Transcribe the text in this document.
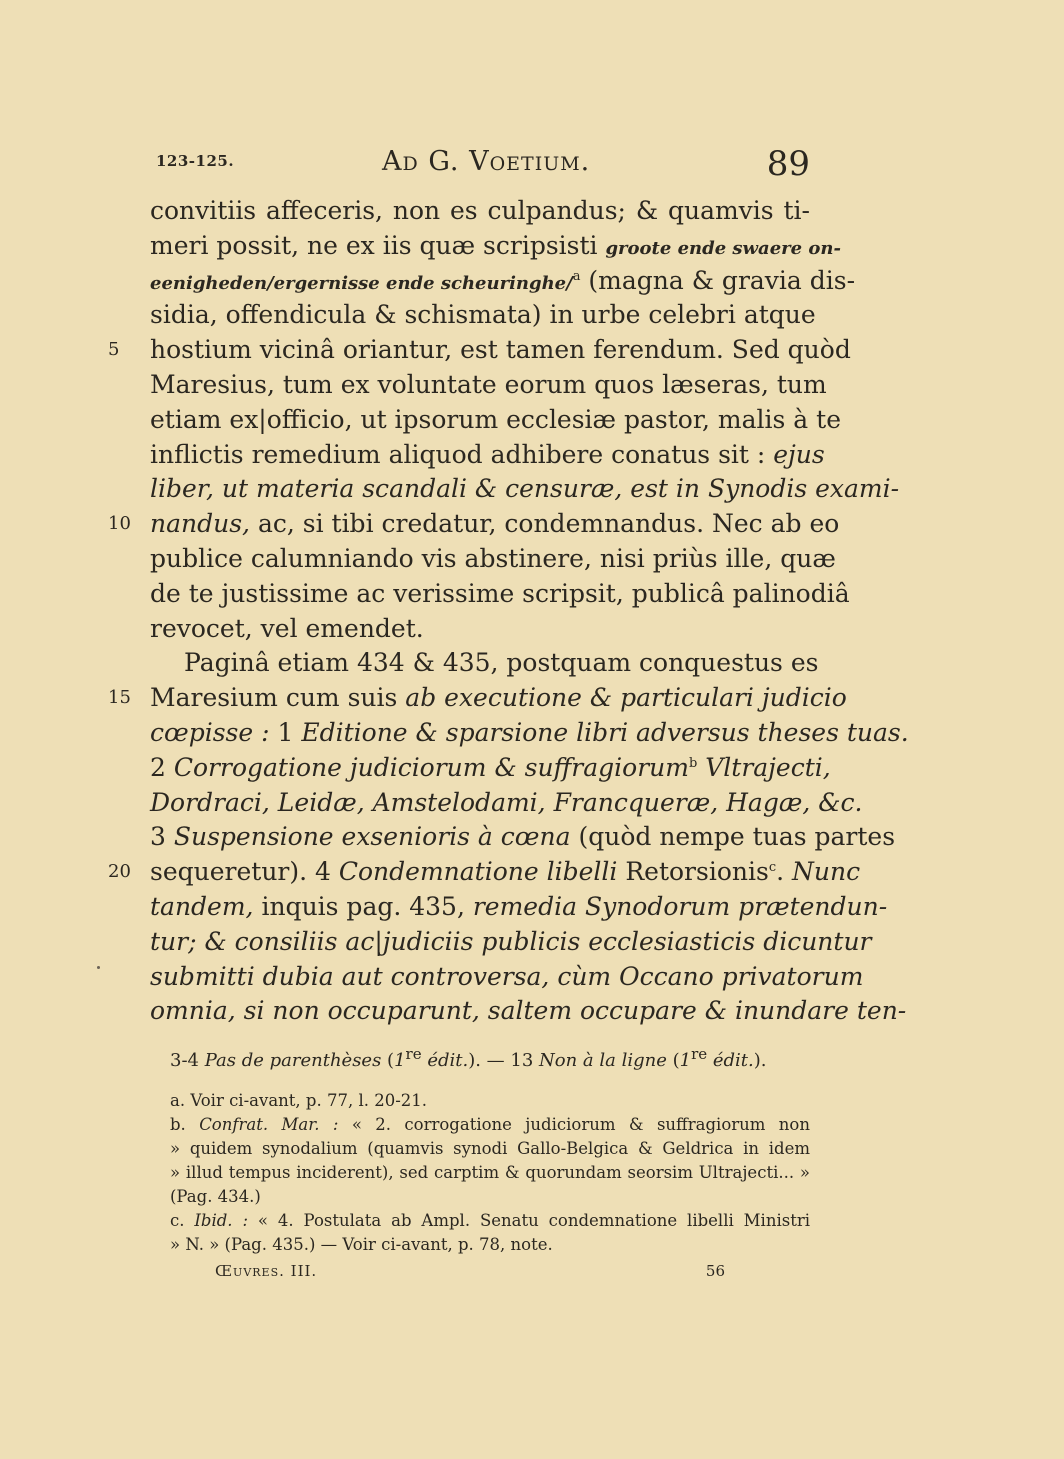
123-125.	Ad G. Voetium.	89
convitiis affeceris, non es culpandus; & quamvis ti-
meri possit, ne ex iis quæ scripsisti groote ende swaere on-
eenigheden/ergernisse ende scheuringhe/$^a$ (magna & gravia dis-
sidia, offendicula & schismata) in urbe celebri atque
5	hostium vicinâ oriantur, est tamen ferendum. Sed quòd
Maresius, tum ex voluntate eorum quos læseras, tum
etiam ex|officio, ut ipsorum ecclesiæ pastor, malis à te
inflictis remedium aliquod adhibere conatus sit : ejus
liber, ut materia scandali & censuræ, est in Synodis exami-
10 nandus, ac, si tibi credatur, condemnandus. Nec ab eo
publice calumniando vis abstinere, nisi priùs ille, quæ
de te justissime ac verissime scripsit, publicâ palinodiâ
revocet, vel emendet.
Paginâ etiam 434 & 435, postquam conquestus es
15 Maresium cum suis ab executione & particulari judicio
cœpisse : 1 Editione & sparsione libri adversus theses tuas.
2 Corrogatione judiciorum & suffragiorum$^b$ Vltrajecti,
Dordraci, Leidæ, Amstelodami, Francqueræ, Hagæ, &c.
3 Suspensione exsenioris à cœna (quòd nempe tuas partes
20 sequeretur). 4 Condemnatione libelli Retorsionis$^c$. Nunc
tandem, inquis pag. 435, remedia Synodorum prætendun-
tur; & consiliis ac|judiciis publicis ecclesiasticis dicuntur
submitti dubia aut controversa, cùm Occano privatorum
omnia, si non occuparunt, saltem occupare & inundare ten-
3-4 Pas de parenthèses (1re édit.). — 13 Non à la ligne (1re édit.).
a. Voir ci-avant, p. 77, l. 20-21.
b. Confrat. Mar. : « 2. corrogatione judiciorum & suffragiorum non
» quidem synodalium (quamvis synodi Gallo-Belgica & Geldrica in idem
» illud tempus inciderent), sed carptim & quorundam seorsim Ultrajecti... »
(Pag. 434.)
c. Ibid. : « 4. Postulata ab Ampl. Senatu condemnatione libelli Ministri
» N. » (Pag. 435.) — Voir ci-avant, p. 78, note.
Œuvres. III.	56
